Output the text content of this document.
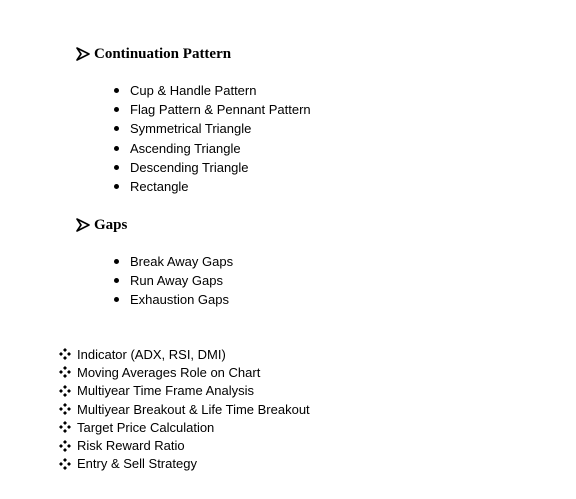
Continuation Pattern
Cup & Handle Pattern
Flag Pattern & Pennant Pattern
Symmetrical Triangle
Ascending Triangle
Descending Triangle
Rectangle
Gaps
Break Away Gaps
Run Away Gaps
Exhaustion Gaps
Indicator (ADX, RSI, DMI)
Moving Averages Role on Chart
Multiyear Time Frame Analysis
Multiyear Breakout & Life Time Breakout
Target Price Calculation
Risk Reward Ratio
Entry & Sell Strategy
